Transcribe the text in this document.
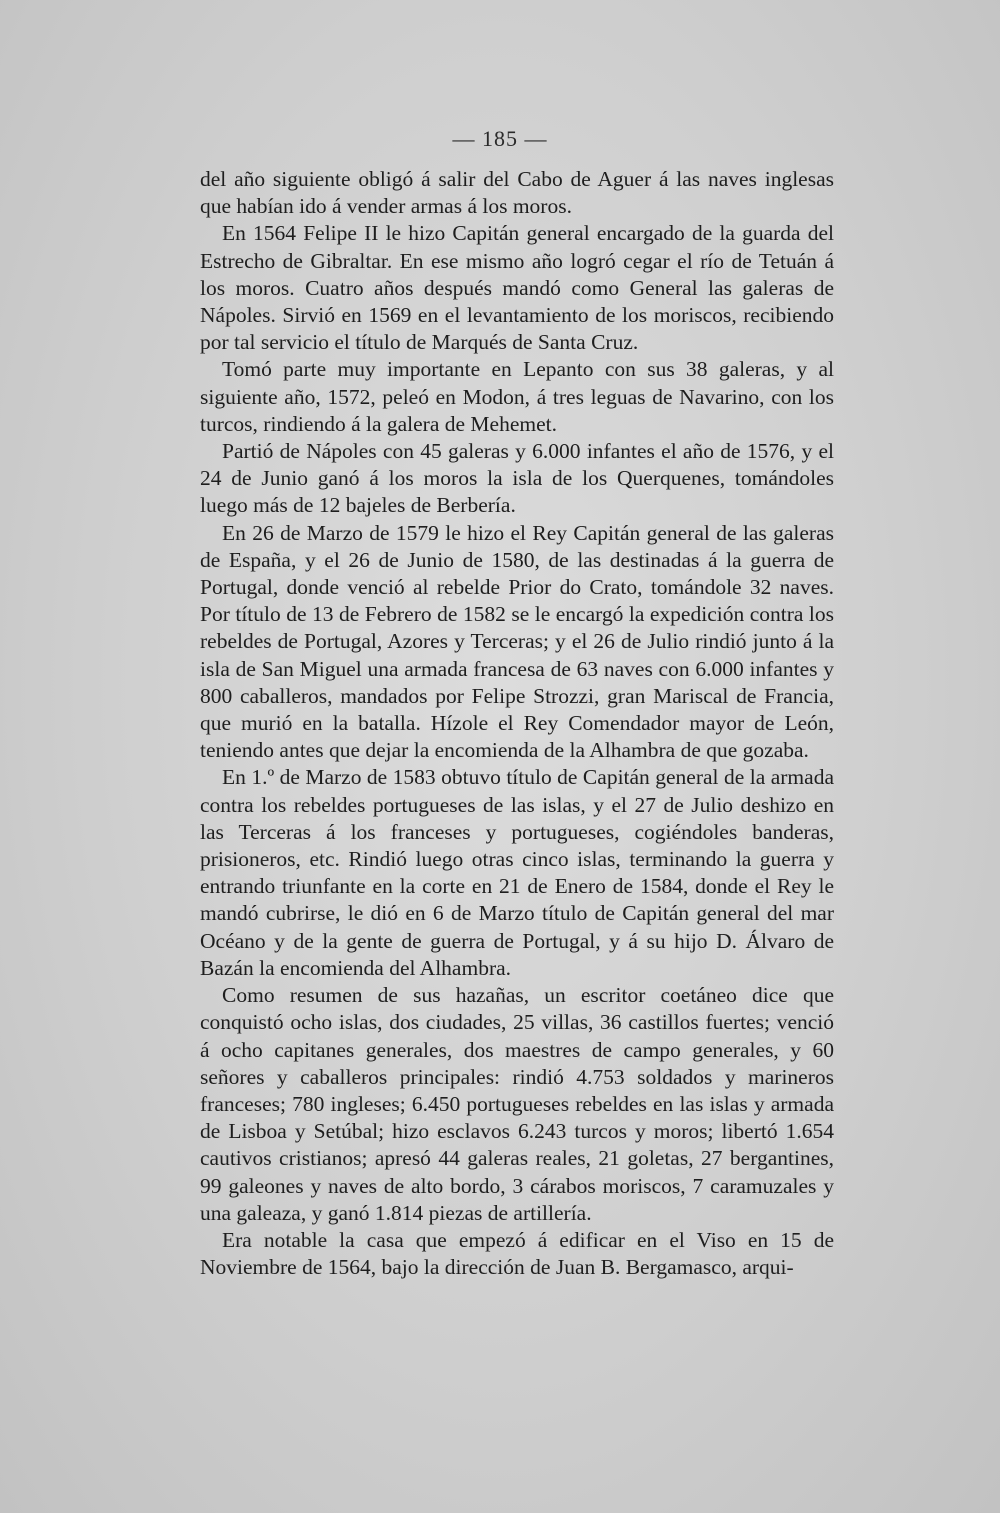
— 185 —

del año siguiente obligó á salir del Cabo de Aguer á las naves inglesas que habían ido á vender armas á los moros.

En 1564 Felipe II le hizo Capitán general encargado de la guarda del Estrecho de Gibraltar. En ese mismo año logró cegar el río de Tetuán á los moros. Cuatro años después mandó como General las galeras de Nápoles. Sirvió en 1569 en el levantamiento de los moriscos, recibiendo por tal servicio el título de Marqués de Santa Cruz.

Tomó parte muy importante en Lepanto con sus 38 galeras, y al siguiente año, 1572, peleó en Modon, á tres leguas de Navarino, con los turcos, rindiendo á la galera de Mehemet.

Partió de Nápoles con 45 galeras y 6.000 infantes el año de 1576, y el 24 de Junio ganó á los moros la isla de los Querquenes, tomándoles luego más de 12 bajeles de Berbería.

En 26 de Marzo de 1579 le hizo el Rey Capitán general de las galeras de España, y el 26 de Junio de 1580, de las destinadas á la guerra de Portugal, donde venció al rebelde Prior do Crato, tomándole 32 naves. Por título de 13 de Febrero de 1582 se le encargó la expedición contra los rebeldes de Portugal, Azores y Terceras; y el 26 de Julio rindió junto á la isla de San Miguel una armada francesa de 63 naves con 6.000 infantes y 800 caballeros, mandados por Felipe Strozzi, gran Mariscal de Francia, que murió en la batalla. Hízole el Rey Comendador mayor de León, teniendo antes que dejar la encomienda de la Alhambra de que gozaba.

En 1.º de Marzo de 1583 obtuvo título de Capitán general de la armada contra los rebeldes portugueses de las islas, y el 27 de Julio deshizo en las Terceras á los franceses y portugueses, cogiéndoles banderas, prisioneros, etc. Rindió luego otras cinco islas, terminando la guerra y entrando triunfante en la corte en 21 de Enero de 1584, donde el Rey le mandó cubrirse, le dió en 6 de Marzo título de Capitán general del mar Océano y de la gente de guerra de Portugal, y á su hijo D. Álvaro de Bazán la encomienda del Alhambra.

Como resumen de sus hazañas, un escritor coetáneo dice que conquistó ocho islas, dos ciudades, 25 villas, 36 castillos fuertes; venció á ocho capitanes generales, dos maestres de campo generales, y 60 señores y caballeros principales: rindió 4.753 soldados y marineros franceses; 780 ingleses; 6.450 portugueses rebeldes en las islas y armada de Lisboa y Setúbal; hizo esclavos 6.243 turcos y moros; libertó 1.654 cautivos cristianos; apresó 44 galeras reales, 21 goletas, 27 bergantines, 99 galeones y naves de alto bordo, 3 cárabos moriscos, 7 caramuzales y una galeaza, y ganó 1.814 piezas de artillería.

Era notable la casa que empezó á edificar en el Viso en 15 de Noviembre de 1564, bajo la dirección de Juan B. Bergamasco, arqui-
